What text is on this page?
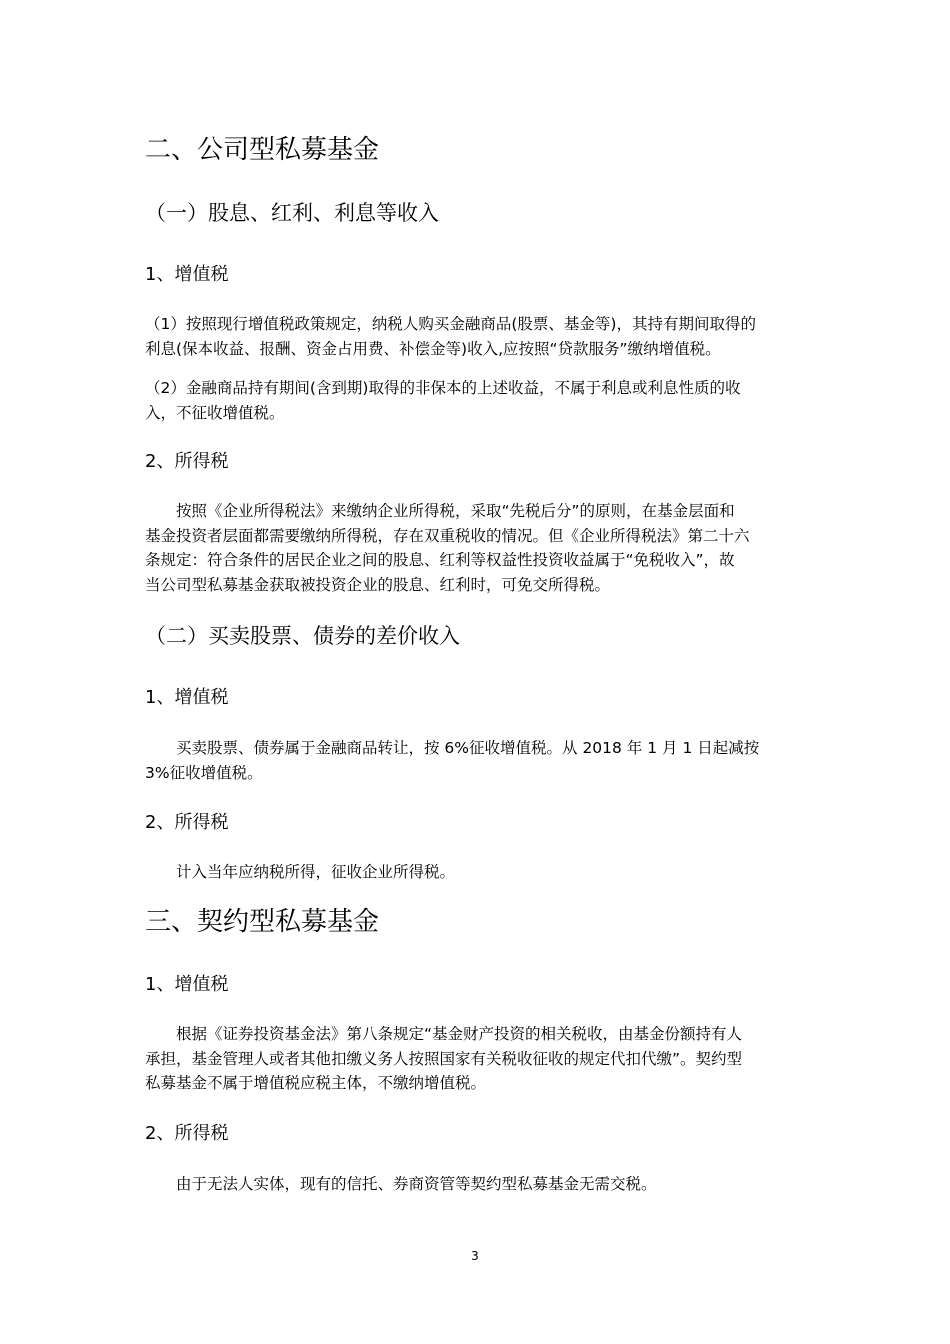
二、公司型私募基金
（一）股息、红利、利息等收入
1、增值税
（1）按照现行增值税政策规定，纳税人购买金融商品(股票、基金等)，其持有期间取得的
利息(保本收益、报酬、资金占用费、补偿金等)收入,应按照“贷款服务”缴纳增值税。
（2）金融商品持有期间(含到期)取得的非保本的上述收益，不属于利息或利息性质的收
入，不征收增值税。
2、所得税
　　按照《企业所得税法》来缴纳企业所得税，采取“先税后分”的原则，在基金层面和
基金投资者层面都需要缴纳所得税，存在双重税收的情况。但《企业所得税法》第二十六
条规定：符合条件的居民企业之间的股息、红利等权益性投资收益属于“免税收入”，故
当公司型私募基金获取被投资企业的股息、红利时，可免交所得税。
（二）买卖股票、债券的差价收入
1、增值税
　　买卖股票、债券属于金融商品转让，按 6%征收增值税。从 2018 年 1 月 1 日起减按
3%征收增值税。
2、所得税
　　计入当年应纳税所得，征收企业所得税。
三、契约型私募基金
1、增值税
　　根据《证券投资基金法》第八条规定“基金财产投资的相关税收，由基金份额持有人
承担，基金管理人或者其他扣缴义务人按照国家有关税收征收的规定代扣代缴”。契约型
私募基金不属于增值税应税主体，不缴纳增值税。
2、所得税
　　由于无法人实体，现有的信托、券商资管等契约型私募基金无需交税。
3
